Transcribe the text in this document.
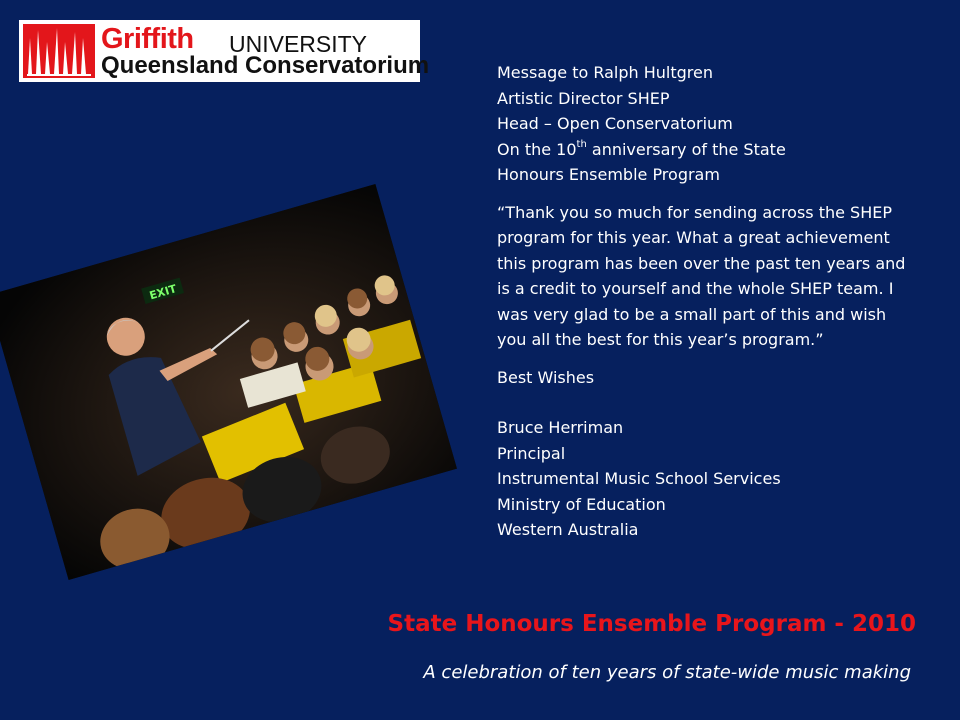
Griffith UNIVERSITY
Queensland Conservatorium
EXIT

Message to Ralph Hultgren

Artistic Director SHEP

Head – Open Conservatorium

On the 10th anniversary of the State

Honours Ensemble Program

“Thank you so much for sending across the SHEP program for this year. What a great achievement this program has been over the past ten years and is a credit to yourself and the whole SHEP team. I was very glad to be a small part of this and wish you all the best for this year’s program.”

Best Wishes

Bruce Herriman

Principal

Instrumental Music School Services

Ministry of Education

Western Australia

State Honours Ensemble Program - 2010
A celebration of ten years of state-wide music making
